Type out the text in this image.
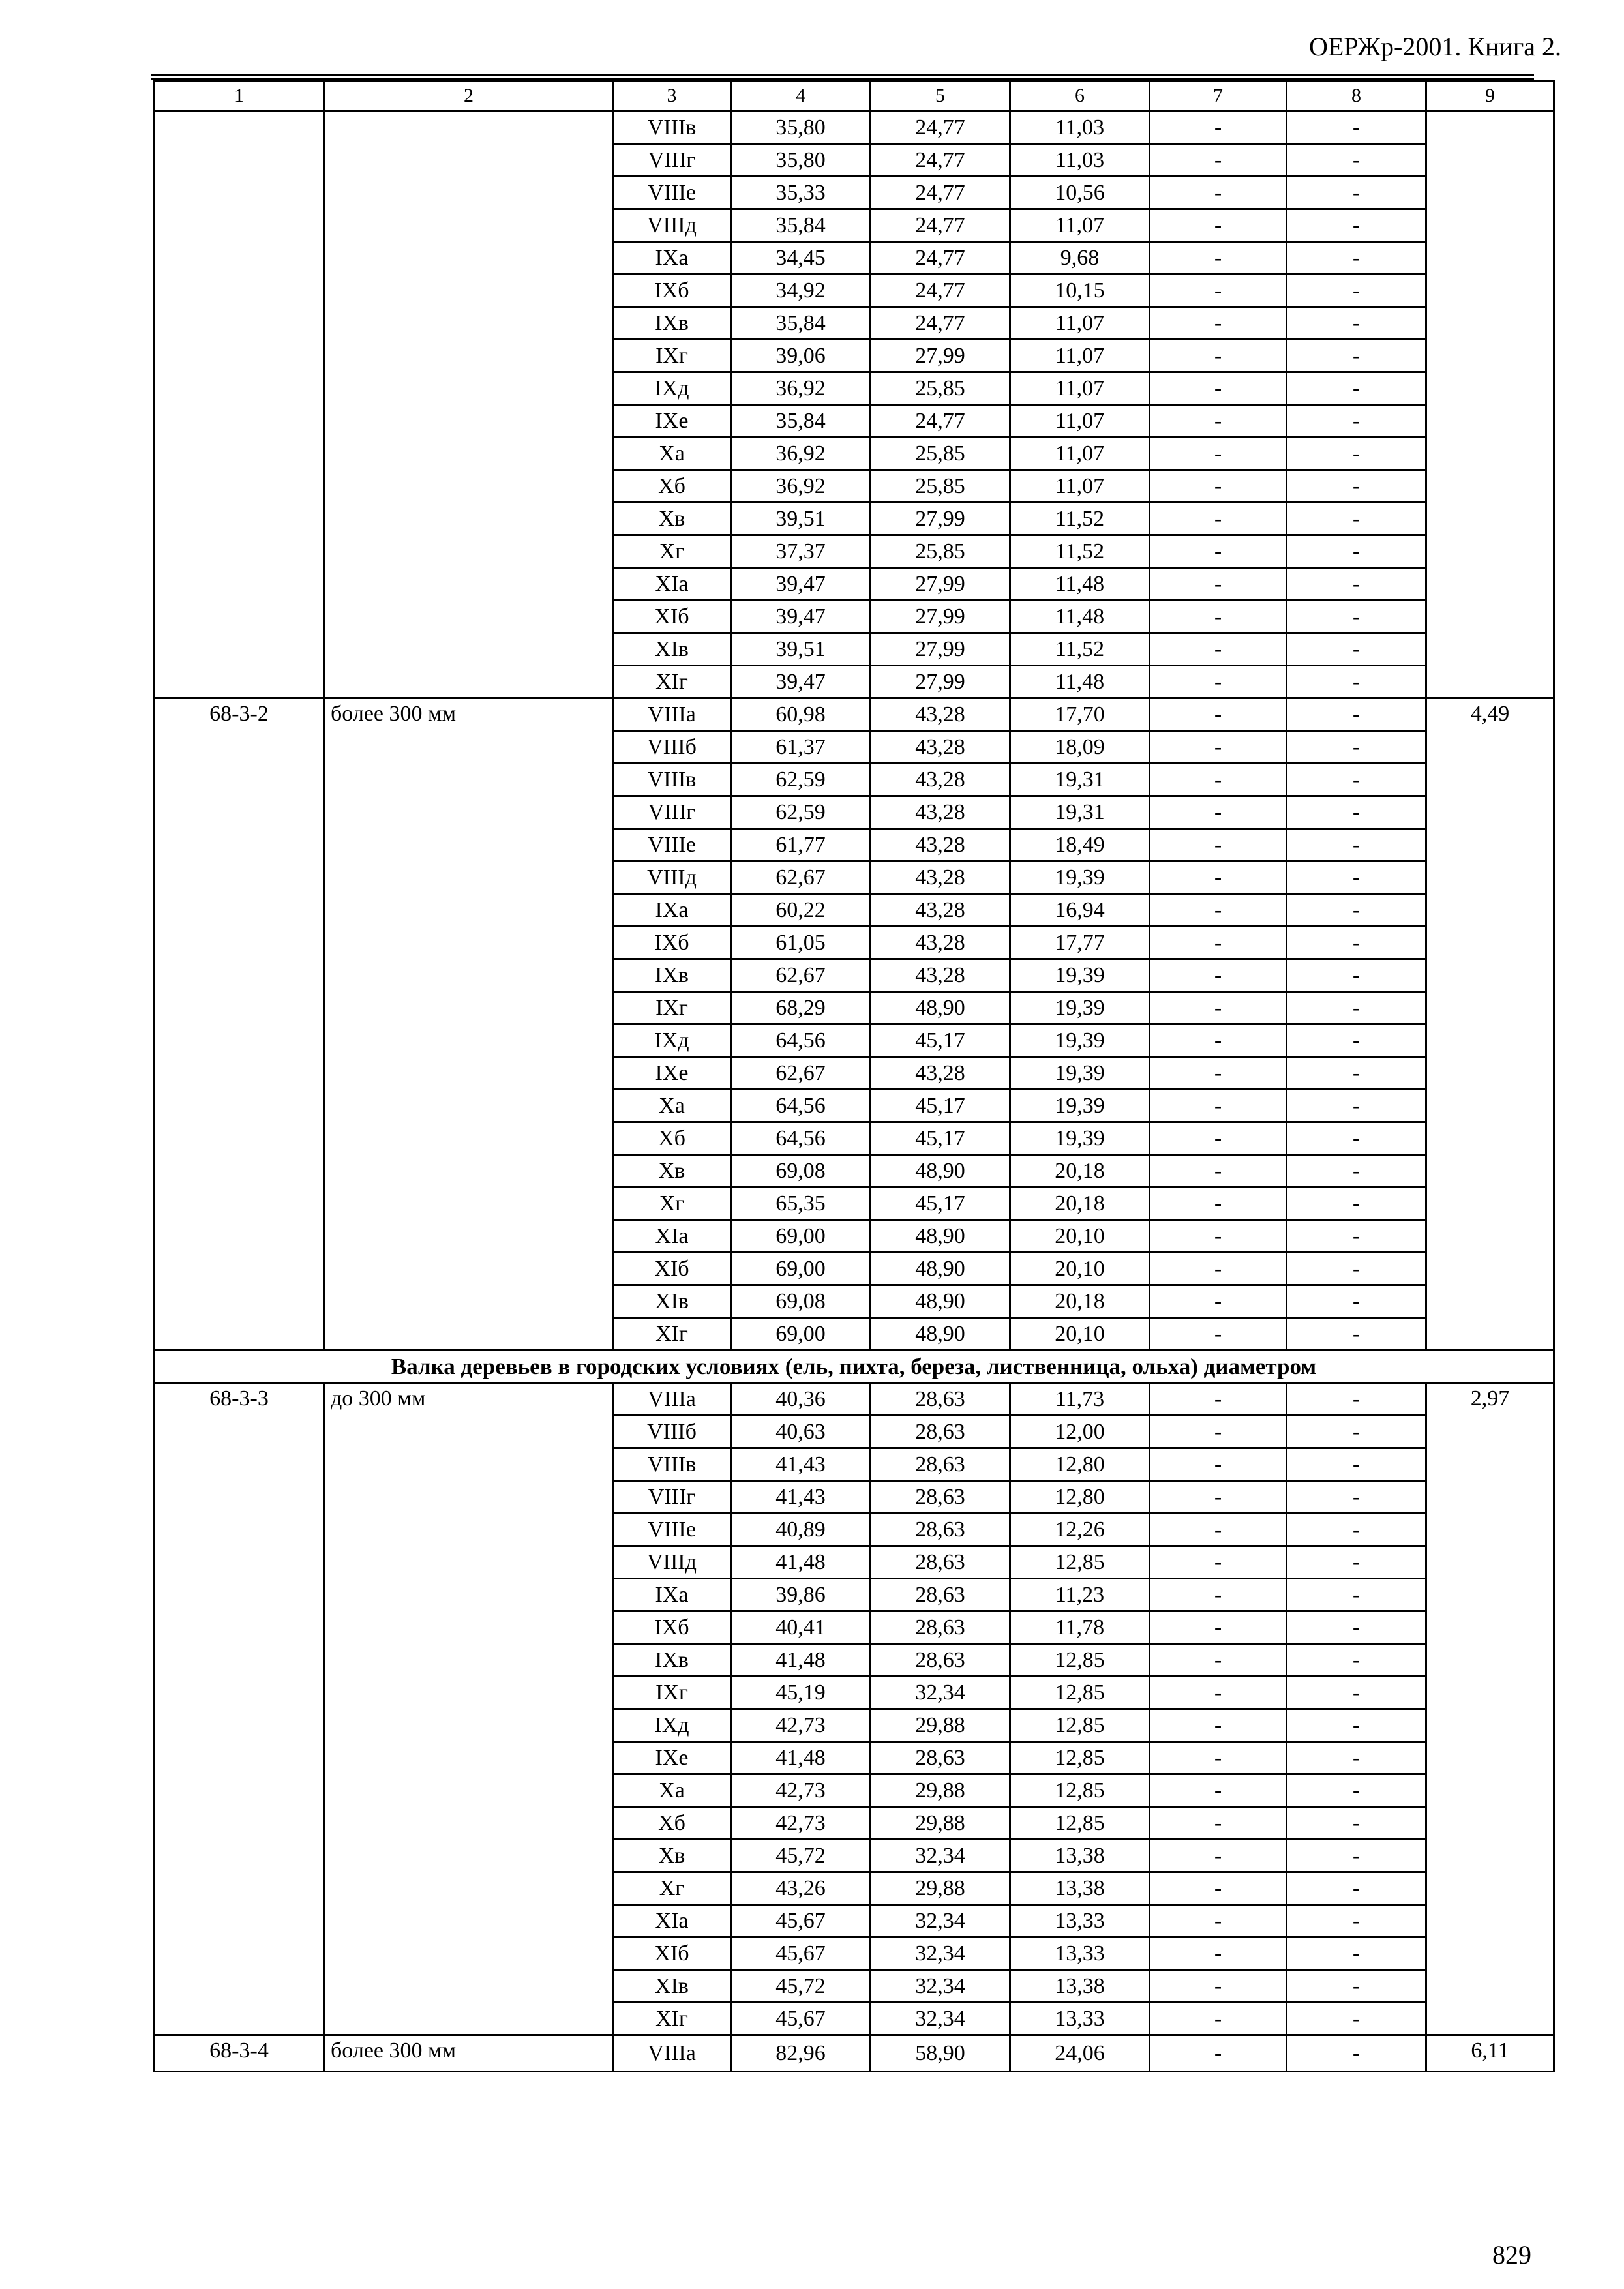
ОЕРЖр-2001. Книга 2.
1	2	3	4	5	6	7	8	9
		VIIIв	35,80	24,77	11,03	-	-	
		VIIIг	35,80	24,77	11,03	-	-	
		VIIIе	35,33	24,77	10,56	-	-	
		VIIIд	35,84	24,77	11,07	-	-	
		IXa	34,45	24,77	9,68	-	-	
		IXб	34,92	24,77	10,15	-	-	
		IXв	35,84	24,77	11,07	-	-	
		IXг	39,06	27,99	11,07	-	-	
		IXд	36,92	25,85	11,07	-	-	
		IXе	35,84	24,77	11,07	-	-	
		Xa	36,92	25,85	11,07	-	-	
		Xб	36,92	25,85	11,07	-	-	
		Xв	39,51	27,99	11,52	-	-	
		Xг	37,37	25,85	11,52	-	-	
		XIa	39,47	27,99	11,48	-	-	
		XIб	39,47	27,99	11,48	-	-	
		XIв	39,51	27,99	11,52	-	-	
		XIг	39,47	27,99	11,48	-	-	
68-3-2	более 300 мм	VIIIa	60,98	43,28	17,70	-	-	4,49
		VIIIб	61,37	43,28	18,09	-	-	
		VIIIв	62,59	43,28	19,31	-	-	
		VIIIг	62,59	43,28	19,31	-	-	
		VIIIе	61,77	43,28	18,49	-	-	
		VIIIд	62,67	43,28	19,39	-	-	
		IXa	60,22	43,28	16,94	-	-	
		IXб	61,05	43,28	17,77	-	-	
		IXв	62,67	43,28	19,39	-	-	
		IXг	68,29	48,90	19,39	-	-	
		IXд	64,56	45,17	19,39	-	-	
		IXе	62,67	43,28	19,39	-	-	
		Xa	64,56	45,17	19,39	-	-	
		Xб	64,56	45,17	19,39	-	-	
		Xв	69,08	48,90	20,18	-	-	
		Xг	65,35	45,17	20,18	-	-	
		XIa	69,00	48,90	20,10	-	-	
		XIб	69,00	48,90	20,10	-	-	
		XIв	69,08	48,90	20,18	-	-	
		XIг	69,00	48,90	20,10	-	-	
Валка деревьев в городских условиях (ель, пихта, береза, лиственница, ольха) диаметром								
68-3-3	до 300 мм	VIIIa	40,36	28,63	11,73	-	-	2,97
		VIIIб	40,63	28,63	12,00	-	-	
		VIIIв	41,43	28,63	12,80	-	-	
		VIIIг	41,43	28,63	12,80	-	-	
		VIIIе	40,89	28,63	12,26	-	-	
		VIIIд	41,48	28,63	12,85	-	-	
		IXa	39,86	28,63	11,23	-	-	
		IXб	40,41	28,63	11,78	-	-	
		IXв	41,48	28,63	12,85	-	-	
		IXг	45,19	32,34	12,85	-	-	
		IXд	42,73	29,88	12,85	-	-	
		IXе	41,48	28,63	12,85	-	-	
		Xa	42,73	29,88	12,85	-	-	
		Xб	42,73	29,88	12,85	-	-	
		Xв	45,72	32,34	13,38	-	-	
		Xг	43,26	29,88	13,38	-	-	
		XIa	45,67	32,34	13,33	-	-	
		XIб	45,67	32,34	13,33	-	-	
		XIв	45,72	32,34	13,38	-	-	
		XIг	45,67	32,34	13,33	-	-	
68-3-4	более 300 мм	VIIIa	82,96	58,90	24,06	-	-	6,11
829
